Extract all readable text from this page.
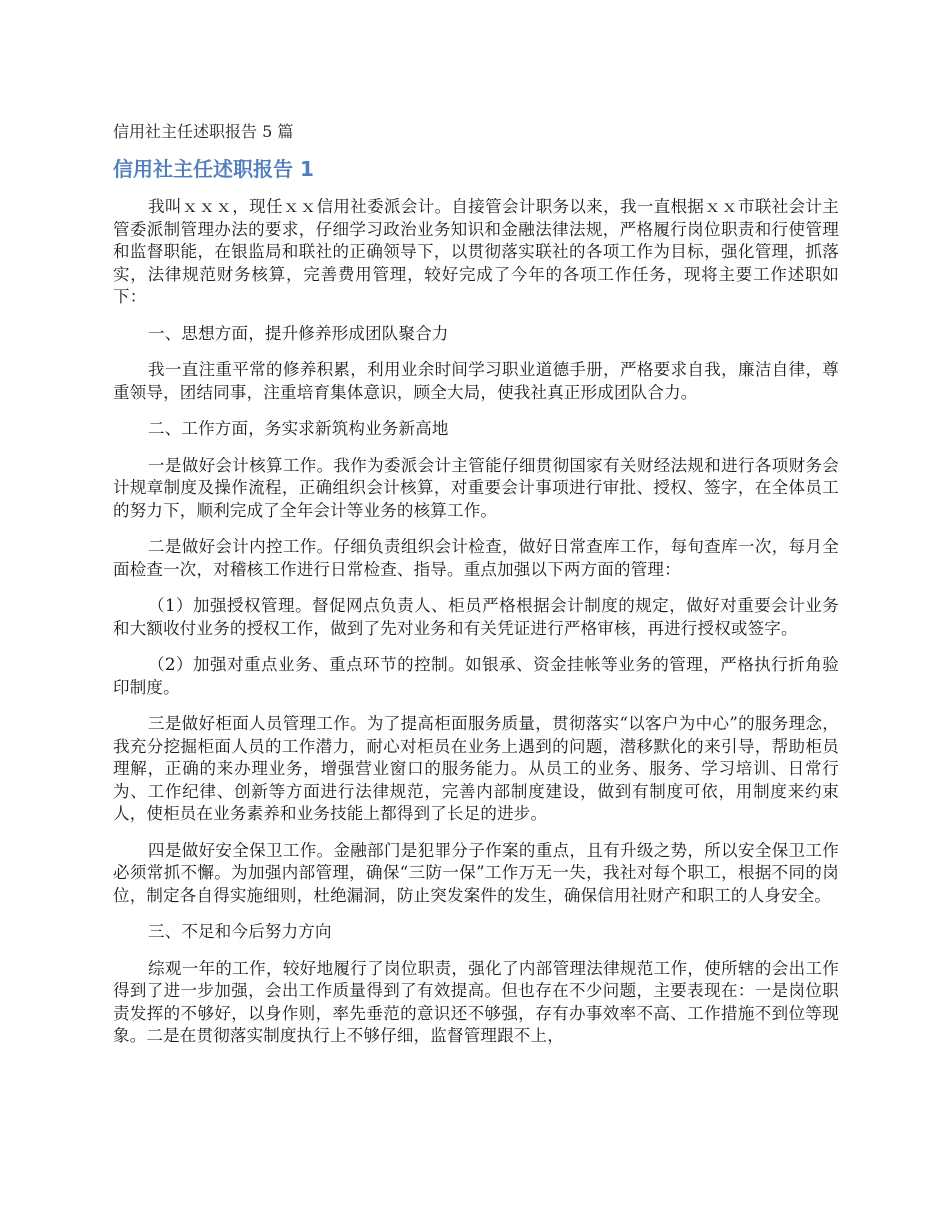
信用社主任述职报告 5 篇
信用社主任述职报告 1

我叫ｘｘｘ，现任ｘｘ信用社委派会计。自接管会计职务以来，我一直根据ｘｘ市联社会计主管委派制管理办法的要求，仔细学习政治业务知识和金融法律法规，严格履行岗位职责和行使管理和监督职能，在银监局和联社的正确领导下，以贯彻落实联社的各项工作为目标，强化管理，抓落实，法律规范财务核算，完善费用管理，较好完成了今年的各项工作任务，现将主要工作述职如下：

一、思想方面，提升修养形成团队聚合力

我一直注重平常的修养积累，利用业余时间学习职业道德手册，严格要求自我，廉洁自律，尊重领导，团结同事，注重培育集体意识，顾全大局，使我社真正形成团队合力。

二、工作方面，务实求新筑构业务新高地

一是做好会计核算工作。我作为委派会计主管能仔细贯彻国家有关财经法规和进行各项财务会计规章制度及操作流程，正确组织会计核算，对重要会计事项进行审批、授权、签字，在全体员工的努力下，顺利完成了全年会计等业务的核算工作。

二是做好会计内控工作。仔细负责组织会计检查，做好日常查库工作，每旬查库一次，每月全面检查一次，对稽核工作进行日常检查、指导。重点加强以下两方面的管理：

（1）加强授权管理。督促网点负责人、柜员严格根据会计制度的规定，做好对重要会计业务和大额收付业务的授权工作，做到了先对业务和有关凭证进行严格审核，再进行授权或签字。

（2）加强对重点业务、重点环节的控制。如银承、资金挂帐等业务的管理，严格执行折角验印制度。

三是做好柜面人员管理工作。为了提高柜面服务质量，贯彻落实“以客户为中心”的服务理念，我充分挖掘柜面人员的工作潜力，耐心对柜员在业务上遇到的问题，潜移默化的来引导，帮助柜员理解，正确的来办理业务，增强营业窗口的服务能力。从员工的业务、服务、学习培训、日常行为、工作纪律、创新等方面进行法律规范，完善内部制度建设，做到有制度可依，用制度来约束人，使柜员在业务素养和业务技能上都得到了长足的进步。

四是做好安全保卫工作。金融部门是犯罪分子作案的重点，且有升级之势，所以安全保卫工作必须常抓不懈。为加强内部管理，确保“三防一保”工作万无一失，我社对每个职工，根据不同的岗位，制定各自得实施细则，杜绝漏洞，防止突发案件的发生，确保信用社财产和职工的人身安全。

三、不足和今后努力方向

综观一年的工作，较好地履行了岗位职责，强化了内部管理法律规范工作，使所辖的会出工作得到了进一步加强，会出工作质量得到了有效提高。但也存在不少问题，主要表现在：一是岗位职责发挥的不够好，以身作则，率先垂范的意识还不够强，存有办事效率不高、工作措施不到位等现象。二是在贯彻落实制度执行上不够仔细，监督管理跟不上，
